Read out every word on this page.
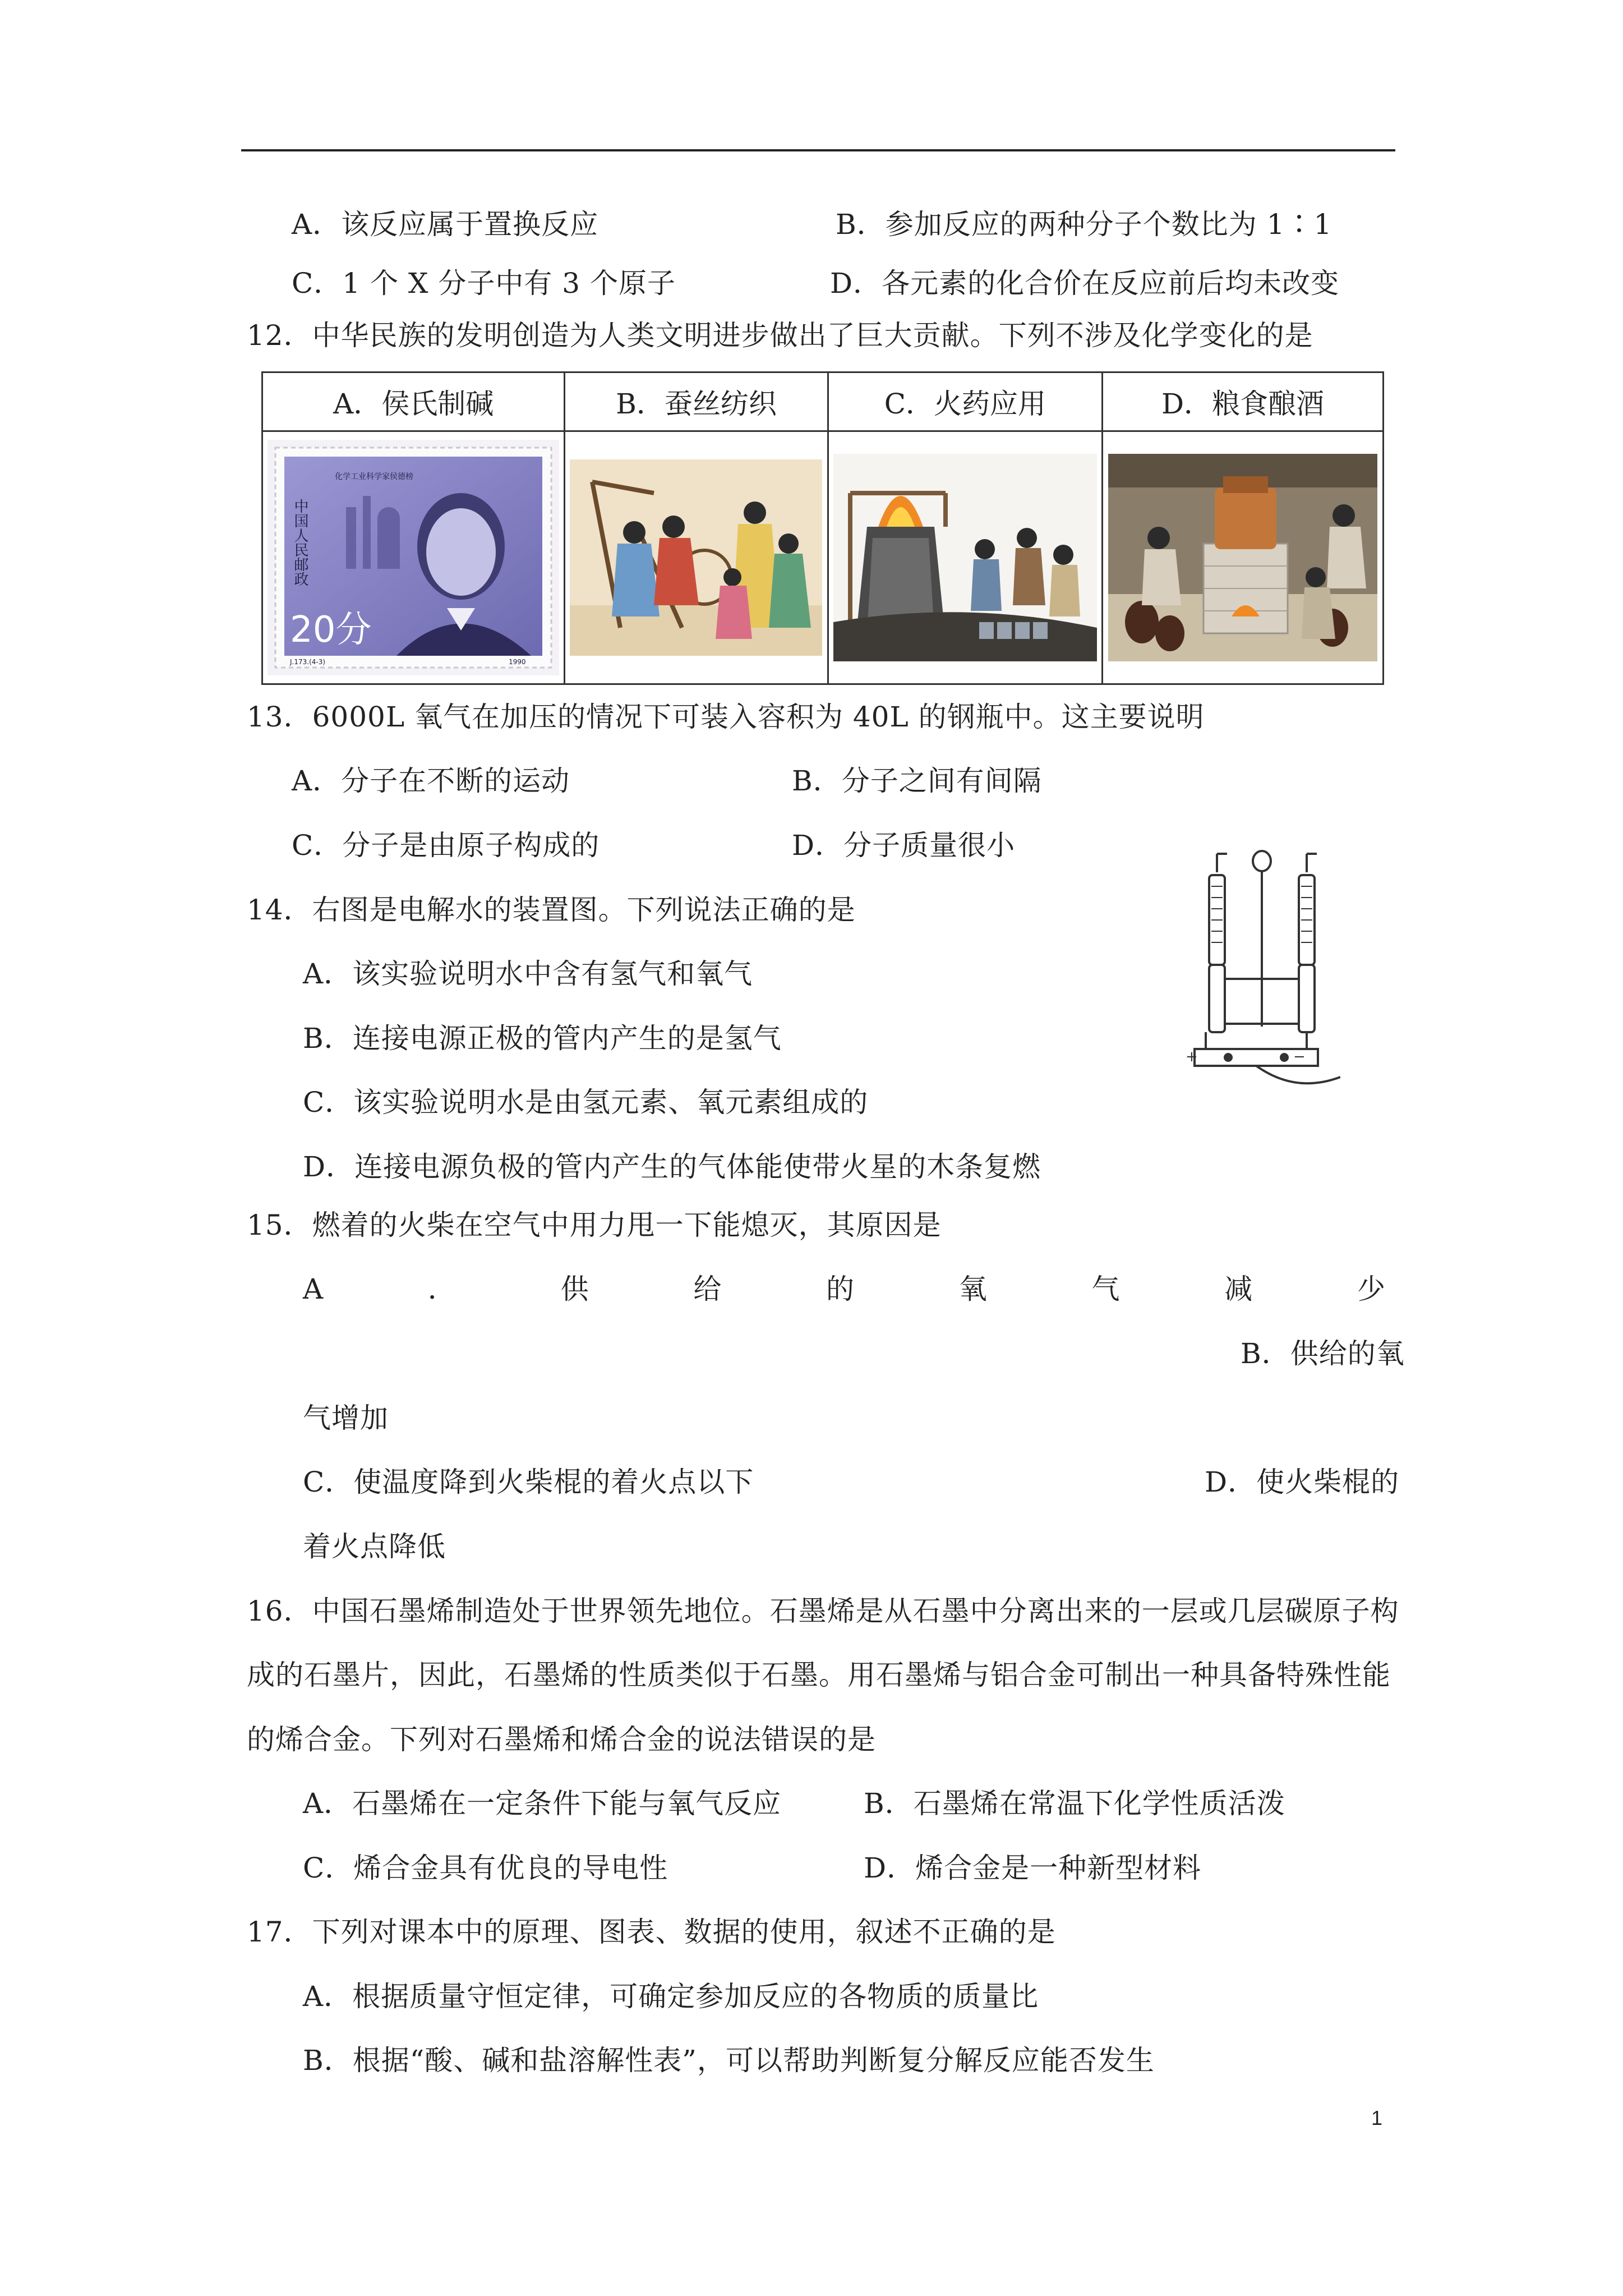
A．该反应属于置换反应	B．参加反应的两种分子个数比为 1∶1
C．1 个 X 分子中有 3 个原子	D．各元素的化合价在反应前后均未改变
12．中华民族的发明创造为人类文明进步做出了巨大贡献。下列不涉及化学变化的是
A．侯氏制碱	B．蚕丝纺织	C．火药应用	D．粮食酿酒

中国人民邮政
20分
化学工业科学家侯德榜
J.173.(4-3) 1990

13．6000L 氧气在加压的情况下可装入容积为 40L 的钢瓶中。这主要说明
A．分子在不断的运动	B．分子之间有间隔
C．分子是由原子构成的	D．分子质量很小
14．右图是电解水的装置图。下列说法正确的是
A．该实验说明水中含有氢气和氧气
B．连接电源正极的管内产生的是氢气
C．该实验说明水是由氢元素、氧元素组成的
D．连接电源负极的管内产生的气体能使带火星的木条复燃
+	−
15．燃着的火柴在空气中用力甩一下能熄灭，其原因是
A	．	供	给	的	氧	气	减	少
B．供给的氧
气增加
C．使温度降到火柴棍的着火点以下	D．使火柴棍的
着火点降低
16．中国石墨烯制造处于世界领先地位。石墨烯是从石墨中分离出来的一层或几层碳原子构
成的石墨片，因此，石墨烯的性质类似于石墨。用石墨烯与铝合金可制出一种具备特殊性能
的烯合金。下列对石墨烯和烯合金的说法错误的是
A．石墨烯在一定条件下能与氧气反应	B．石墨烯在常温下化学性质活泼
C．烯合金具有优良的导电性	D．烯合金是一种新型材料
17．下列对课本中的原理、图表、数据的使用，叙述不正确的是
A．根据质量守恒定律，可确定参加反应的各物质的质量比
B．根据“酸、碱和盐溶解性表”，可以帮助判断复分解反应能否发生
1
